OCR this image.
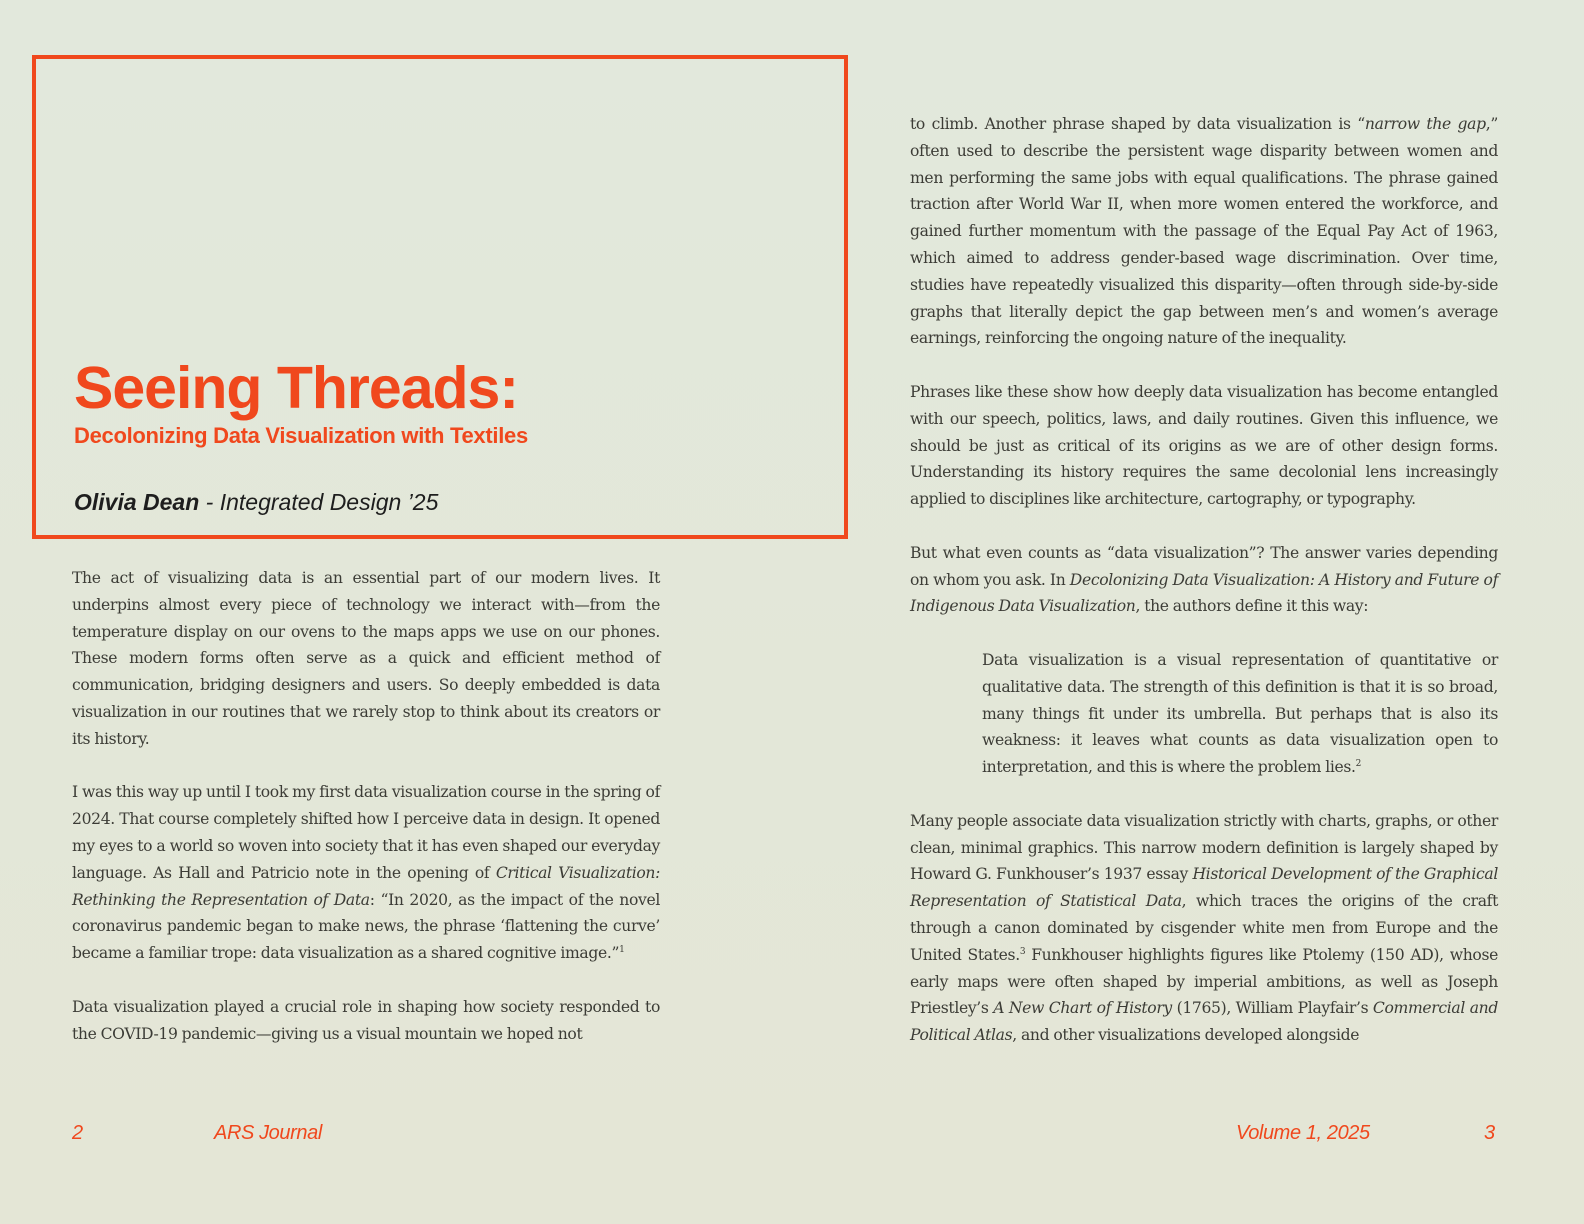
Seeing Threads:
Decolonizing Data Visualization with Textiles

Olivia Dean - Integrated Design ’25

The act of visualizing data is an essential part of our modern lives. It underpins almost every piece of technology we interact with—from the temperature display on our ovens to the maps apps we use on our phones. These modern forms often serve as a quick and efficient method of communication, bridging designers and users. So deeply embedded is data visualization in our routines that we rarely stop to think about its creators or its history.

I was this way up until I took my first data visualization course in the spring of 2024. That course completely shifted how I perceive data in design. It opened my eyes to a world so woven into society that it has even shaped our everyday language. As Hall and Patricio note in the opening of Critical Visualization: Rethinking the Representation of Data: “In 2020, as the impact of the novel coronavirus pandemic began to make news, the phrase ‘flattening the curve’ became a familiar trope: data visualization as a shared cognitive image.”$^1$

Data visualization played a crucial role in shaping how society responded to the COVID-19 pandemic—giving us a visual mountain we hoped not

to climb. Another phrase shaped by data visualization is “narrow the gap,” often used to describe the persistent wage disparity between women and men performing the same jobs with equal qualifications. The phrase gained traction after World War II, when more women entered the workforce, and gained further momentum with the passage of the Equal Pay Act of 1963, which aimed to address gender-based wage discrimination. Over time, studies have repeatedly visualized this disparity—often through side-by-side graphs that literally depict the gap between men’s and women’s average earnings, reinforcing the ongoing nature of the inequality.

Phrases like these show how deeply data visualization has become entangled with our speech, politics, laws, and daily routines. Given this influence, we should be just as critical of its origins as we are of other design forms. Understanding its history requires the same decolonial lens increasingly applied to disciplines like architecture, cartography, or typography.

But what even counts as “data visualization”? The answer varies depending on whom you ask. In Decolonizing Data Visualization: A History and Future of Indigenous Data Visualization, the authors define it this way:

Data visualization is a visual representation of quantitative or qualitative data. The strength of this definition is that it is so broad, many things fit under its umbrella. But perhaps that is also its weakness: it leaves what counts as data visualization open to interpretation, and this is where the problem lies.$^2$

Many people associate data visualization strictly with charts, graphs, or other clean, minimal graphics. This narrow modern definition is largely shaped by Howard G. Funkhouser’s 1937 essay Historical Development of the Graphical Representation of Statistical Data, which traces the origins of the craft through a canon dominated by cisgender white men from Europe and the United States.$^3$ Funkhouser highlights figures like Ptolemy (150 AD), whose early maps were often shaped by imperial ambitions, as well as Joseph Priestley’s A New Chart of History (1765), William Playfair’s Commercial and Political Atlas, and other visualizations developed alongside

2	ARS Journal	Volume 1, 2025	3
